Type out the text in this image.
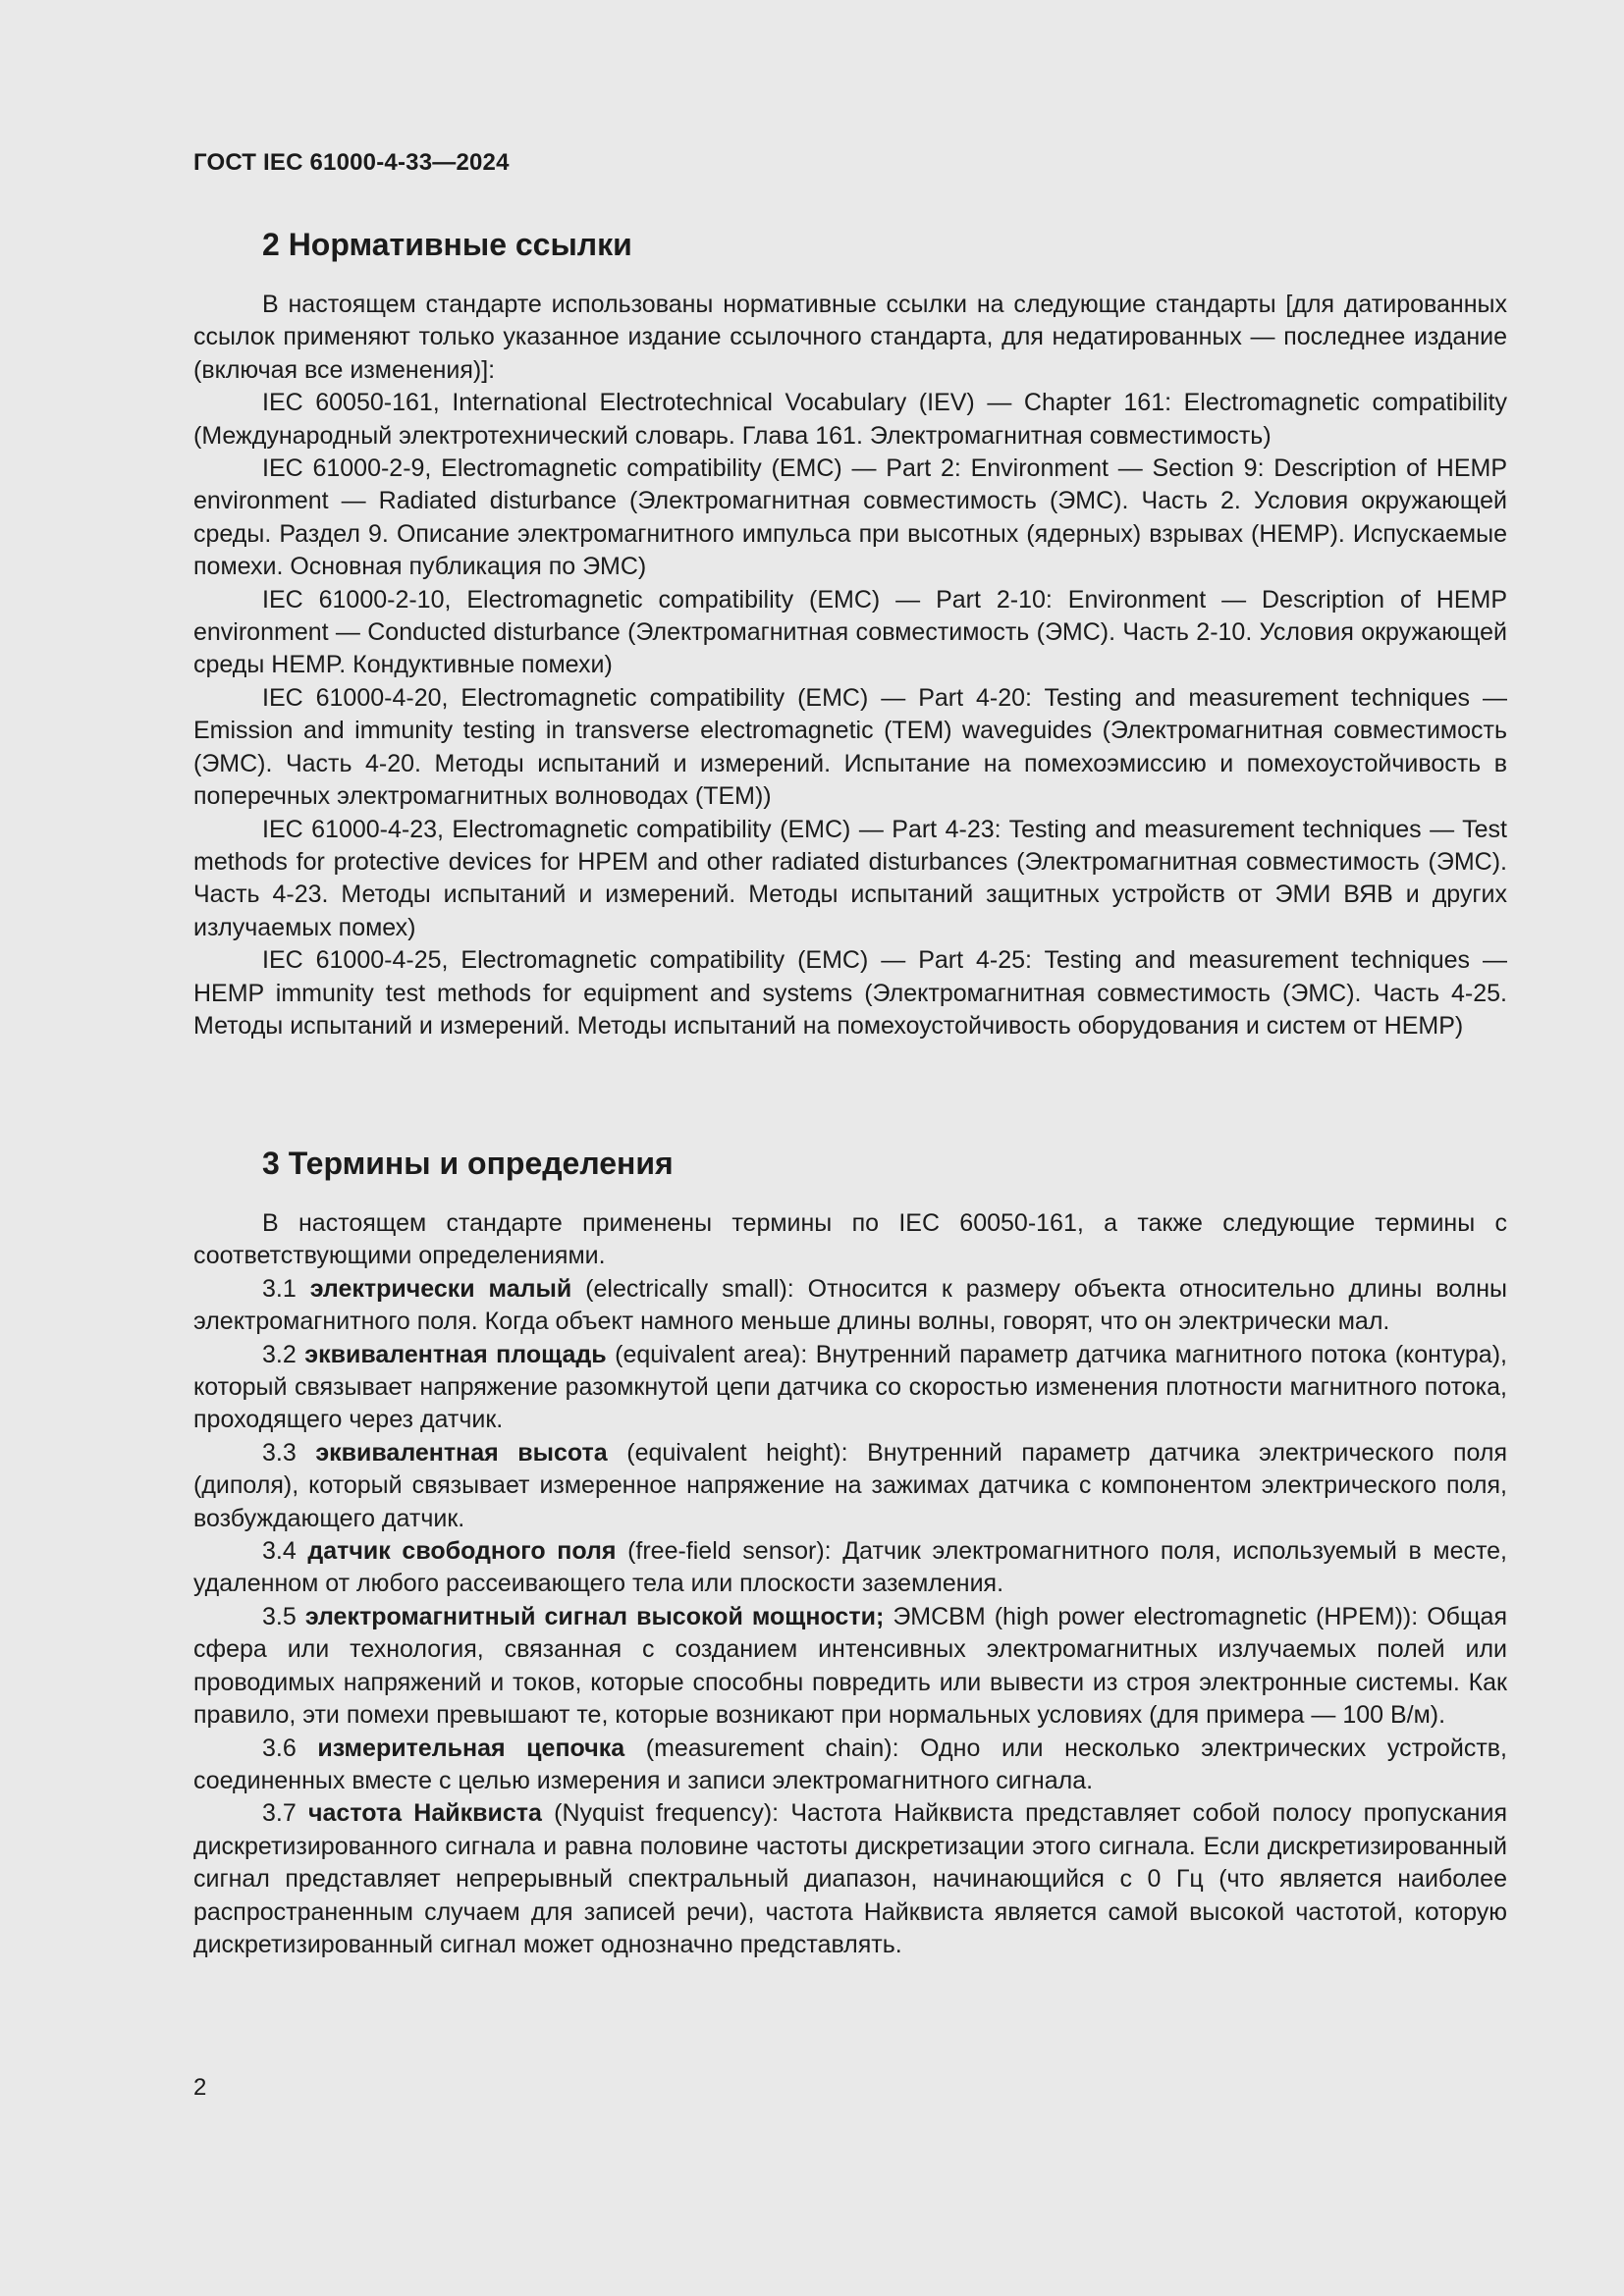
ГОСТ IEC 61000-4-33—2024
2 Нормативные ссылки

В настоящем стандарте использованы нормативные ссылки на следующие стандарты [для датированных ссылок применяют только указанное издание ссылочного стандарта, для недатированных — последнее издание (включая все изменения)]:

IEC 60050-161, International Electrotechnical Vocabulary (IEV) — Chapter 161: Electromagnetic compatibility (Международный электротехнический словарь. Глава 161. Электромагнитная совместимость)

IEC 61000-2-9, Electromagnetic compatibility (EMC) — Part 2: Environment — Section 9: Description of HEMP environment — Radiated disturbance (Электромагнитная совместимость (ЭМС). Часть 2. Условия окружающей среды. Раздел 9. Описание электромагнитного импульса при высотных (ядерных) взрывах (HEMP). Испускаемые помехи. Основная публикация по ЭМС)

IEC 61000-2-10, Electromagnetic compatibility (EMC) — Part 2-10: Environment — Description of HEMP environment — Conducted disturbance (Электромагнитная совместимость (ЭМС). Часть 2-10. Условия окружающей среды HEMP. Кондуктивные помехи)

IEC 61000-4-20, Electromagnetic compatibility (EMC) — Part 4-20: Testing and measurement techniques — Emission and immunity testing in transverse electromagnetic (TEM) waveguides (Электромагнитная совместимость (ЭМС). Часть 4-20. Методы испытаний и измерений. Испытание на помехоэмиссию и помехоустойчивость в поперечных электромагнитных волноводах (TEM))

IEC 61000-4-23, Electromagnetic compatibility (EMC) — Part 4-23: Testing and measurement techniques — Test methods for protective devices for HPEM and other radiated disturbances (Электромагнитная совместимость (ЭМС). Часть 4-23. Методы испытаний и измерений. Методы испытаний защитных устройств от ЭМИ ВЯВ и других излучаемых помех)

IEC 61000-4-25, Electromagnetic compatibility (EMC) — Part 4-25: Testing and measurement techniques — HEMP immunity test methods for equipment and systems (Электромагнитная совместимость (ЭМС). Часть 4-25. Методы испытаний и измерений. Методы испытаний на помехоустойчивость оборудования и систем от HEMP)

3 Термины и определения

В настоящем стандарте применены термины по IEC 60050-161, а также следующие термины с соответствующими определениями.

3.1 электрически малый (electrically small): Относится к размеру объекта относительно длины волны электромагнитного поля. Когда объект намного меньше длины волны, говорят, что он электрически мал.

3.2 эквивалентная площадь (equivalent area): Внутренний параметр датчика магнитного потока (контура), который связывает напряжение разомкнутой цепи датчика со скоростью изменения плотности магнитного потока, проходящего через датчик.

3.3 эквивалентная высота (equivalent height): Внутренний параметр датчика электрического поля (диполя), который связывает измеренное напряжение на зажимах датчика с компонентом электрического поля, возбуждающего датчик.

3.4 датчик свободного поля (free-field sensor): Датчик электромагнитного поля, используемый в месте, удаленном от любого рассеивающего тела или плоскости заземления.

3.5 электромагнитный сигнал высокой мощности; ЭМСВМ (high power electromagnetic (HPEM)): Общая сфера или технология, связанная с созданием интенсивных электромагнитных излучаемых полей или проводимых напряжений и токов, которые способны повредить или вывести из строя электронные системы. Как правило, эти помехи превышают те, которые возникают при нормальных условиях (для примера — 100 В/м).

3.6 измерительная цепочка (measurement chain): Одно или несколько электрических устройств, соединенных вместе с целью измерения и записи электромагнитного сигнала.

3.7 частота Найквиста (Nyquist frequency): Частота Найквиста представляет собой полосу пропускания дискретизированного сигнала и равна половине частоты дискретизации этого сигнала. Если дискретизированный сигнал представляет непрерывный спектральный диапазон, начинающийся с 0 Гц (что является наиболее распространенным случаем для записей речи), частота Найквиста является самой высокой частотой, которую дискретизированный сигнал может однозначно представлять.

2
